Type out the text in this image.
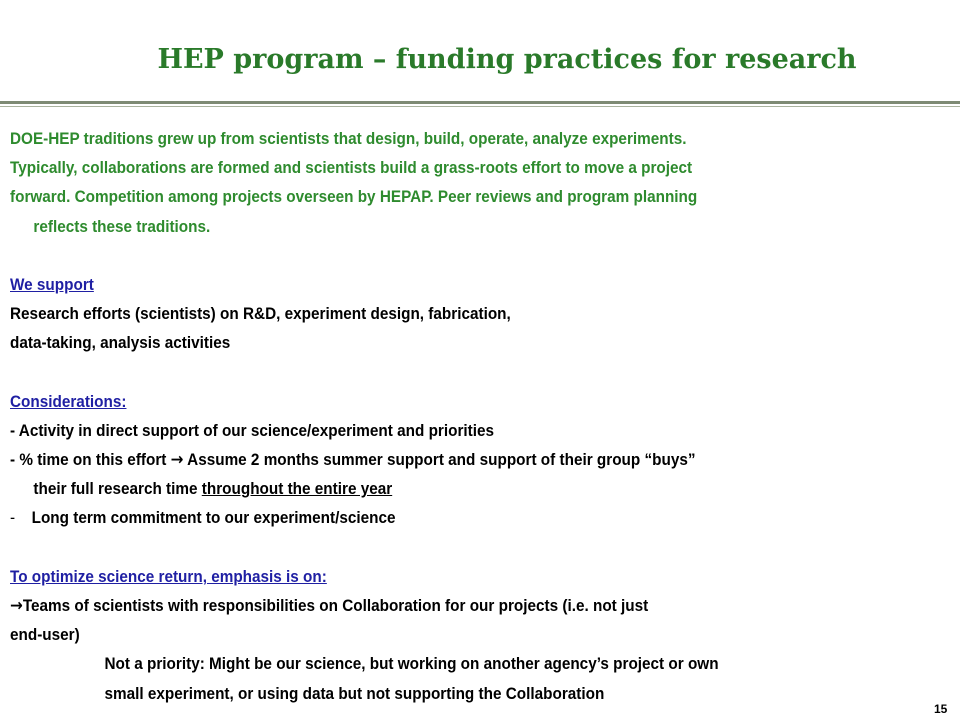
HEP program – funding practices for research
DOE-HEP traditions grew up from scientists that design, build, operate, analyze experiments.
Typically, collaborations are formed and scientists build a grass-roots effort to move a project
forward. Competition among projects overseen by HEPAP. Peer reviews and program planning
reflects these traditions.
We support
Research efforts (scientists) on R&D, experiment design, fabrication,
data-taking, analysis activities
Considerations:
- Activity in direct support of our science/experiment and priorities
- % time on this effort → Assume 2 months summer support and support of their group “buys”
their full research time throughout the entire year
- Long term commitment to our experiment/science
To optimize science return, emphasis is on:
→Teams of scientists with responsibilities on Collaboration for our projects (i.e. not just
end-user)
Not a priority: Might be our science, but working on another agency’s project or own
small experiment, or using data but not supporting the Collaboration
15
